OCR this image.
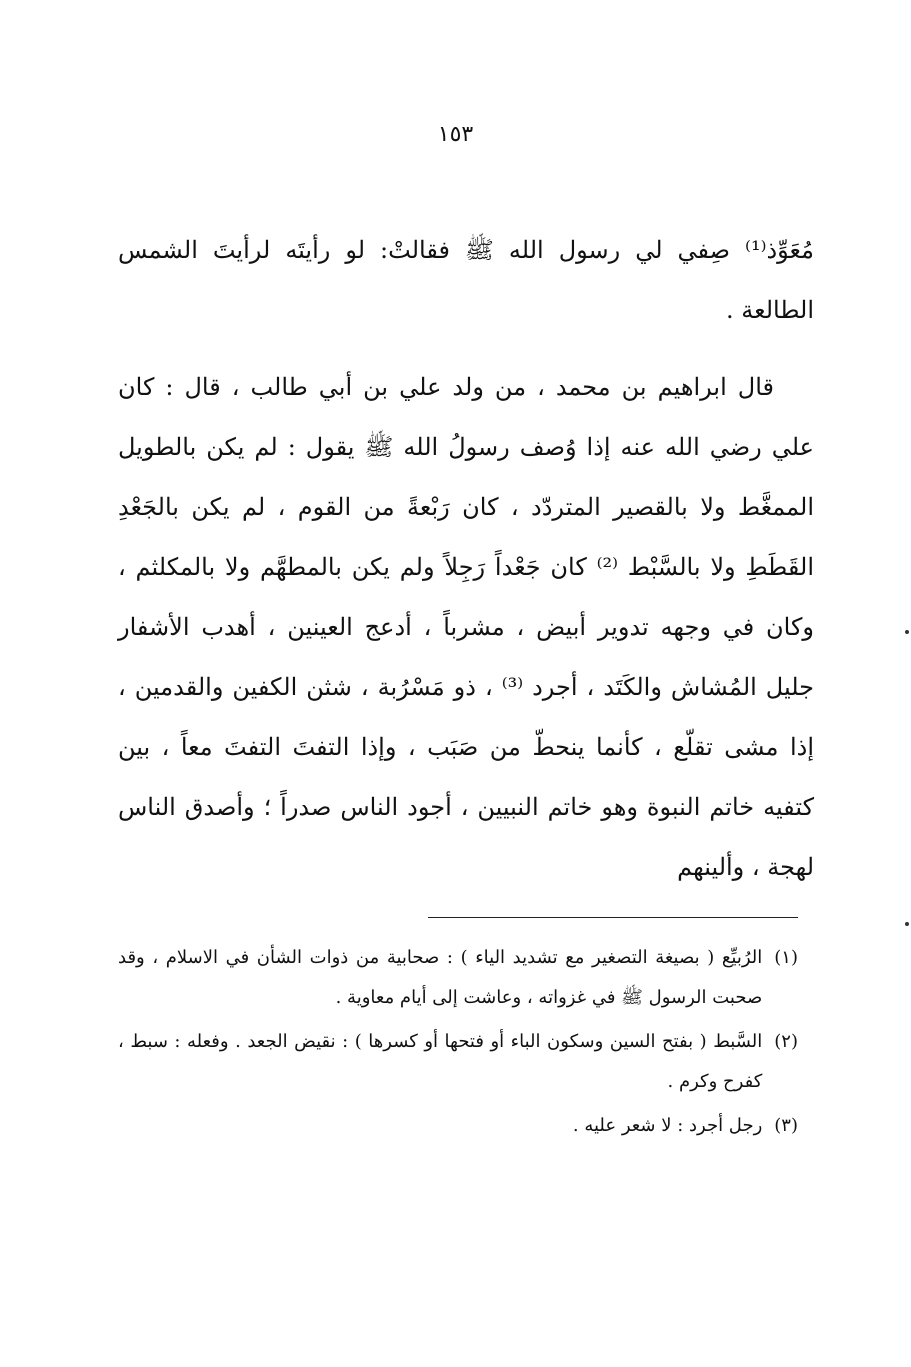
١٥٣

مُعَوِّذ⁽¹⁾ صِفي لي رسول الله ﷺ فقالتْ: لو رأيتَه لرأيتَ الشمس الطالعة .

قال ابراهيم بن محمد ، من ولد علي بن أبي طالب ، قال : كان علي رضي الله عنه إذا وُصف رسولُ الله ﷺ يقول : لم يكن بالطويل الممغَّط ولا بالقصير المتردّد ، كان رَبْعةً من القوم ، لم يكن بالجَعْدِ القَطَطِ ولا بالسَّبْط ⁽²⁾ كان جَعْداً رَجِلاً ولم يكن بالمطهَّم ولا بالمكلثم ، وكان في وجهه تدوير أبيض ، مشرباً ، أدعج العينين ، أهدب الأشفار جليل المُشاش والكَتَد ، أجرد ⁽³⁾ ، ذو مَسْرُبة ، شثن الكفين والقدمين ، إذا مشى تقلّع ، كأنما ينحطّ من صَبَب ، وإذا التفتَ التفتَ معاً ، بين كتفيه خاتم النبوة وهو خاتم النبيين ، أجود الناس صدراً ؛ وأصدق الناس لهجة ، وألينهم

(١)
الرُبيِّع ( بصيغة التصغير مع تشديد الياء ) : صحابية من ذوات الشأن في الاسلام ، وقد صحبت الرسول ﷺ في غزواته ، وعاشت إلى أيام معاوية .
(٢)
السَّبط ( بفتح السين وسكون الباء أو فتحها أو كسرها ) : نقيض الجعد . وفعله : سبط ، كفرح وكرم .
(٣)
رجل أجرد : لا شعر عليه .
